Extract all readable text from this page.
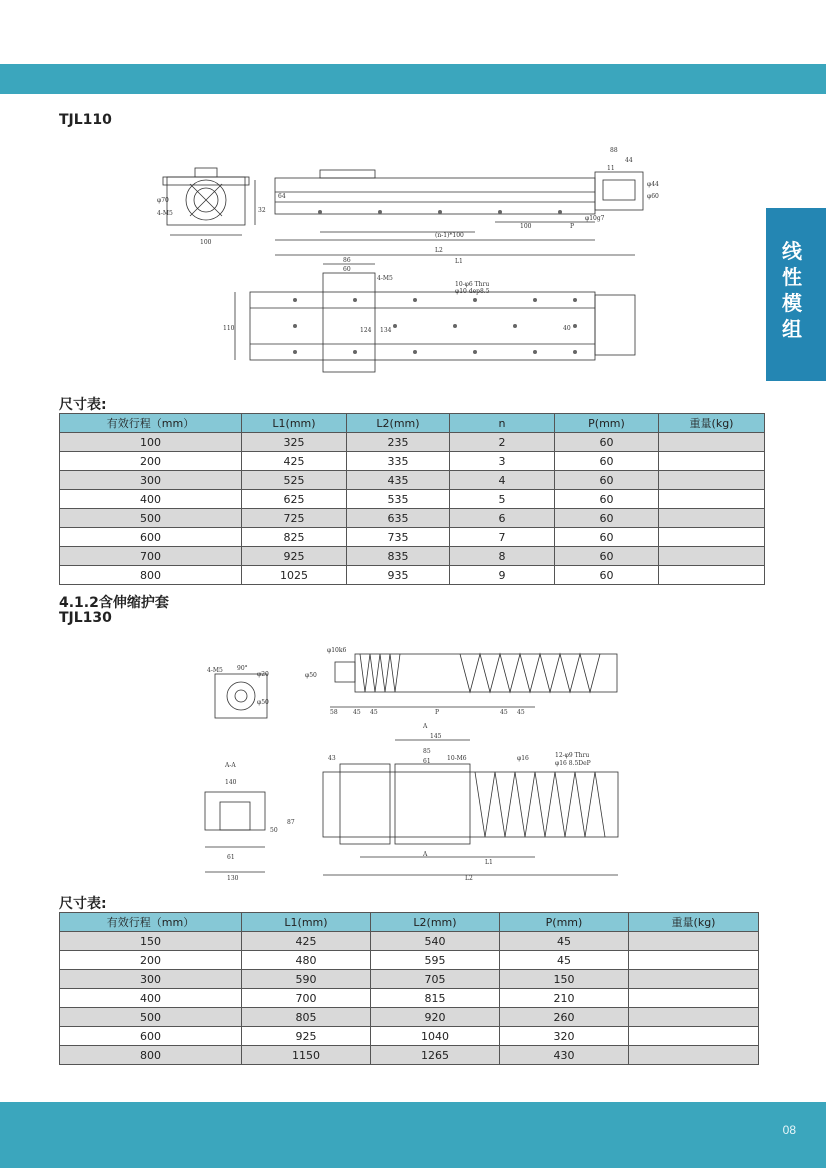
线
性
模
组
TJL110
φ70
4-M5
100
32
64
88
44
11
φ44
φ60
φ10g7
100	P
(n-1)*100
L2
L1
86
60
4-M5
10-φ6 Thru
φ10 dep8.5
110	124 134	40
尺寸表:
有效行程（mm）	L1(mm)	L2(mm)	n	P(mm)	重量(kg)
100	325	235	2	60	
200	425	335	3	60	
300	525	435	4	60	
400	625	535	5	60	
500	725	635	6	60	
600	825	735	7	60	
700	925	835	8	60	
800	1025	935	9	60	
4.1.2含伸缩护套
TJL130
4-M5 90°
φ20
φ50
φ10k6
φ50
58	45 45	P	45 45
A-A
140
50
87
61
130
A
A
145
85
61
43	10-M6	φ16	12-φ9 Thru
φ16 8.5DeP
L1
L2
尺寸表:
有效行程（mm）	L1(mm)	L2(mm)	P(mm)	重量(kg)
150	425	540	45	
200	480	595	45	
300	590	705	150	
400	700	815	210	
500	805	920	260	
600	925	1040	320	
800	1150	1265	430	
08
